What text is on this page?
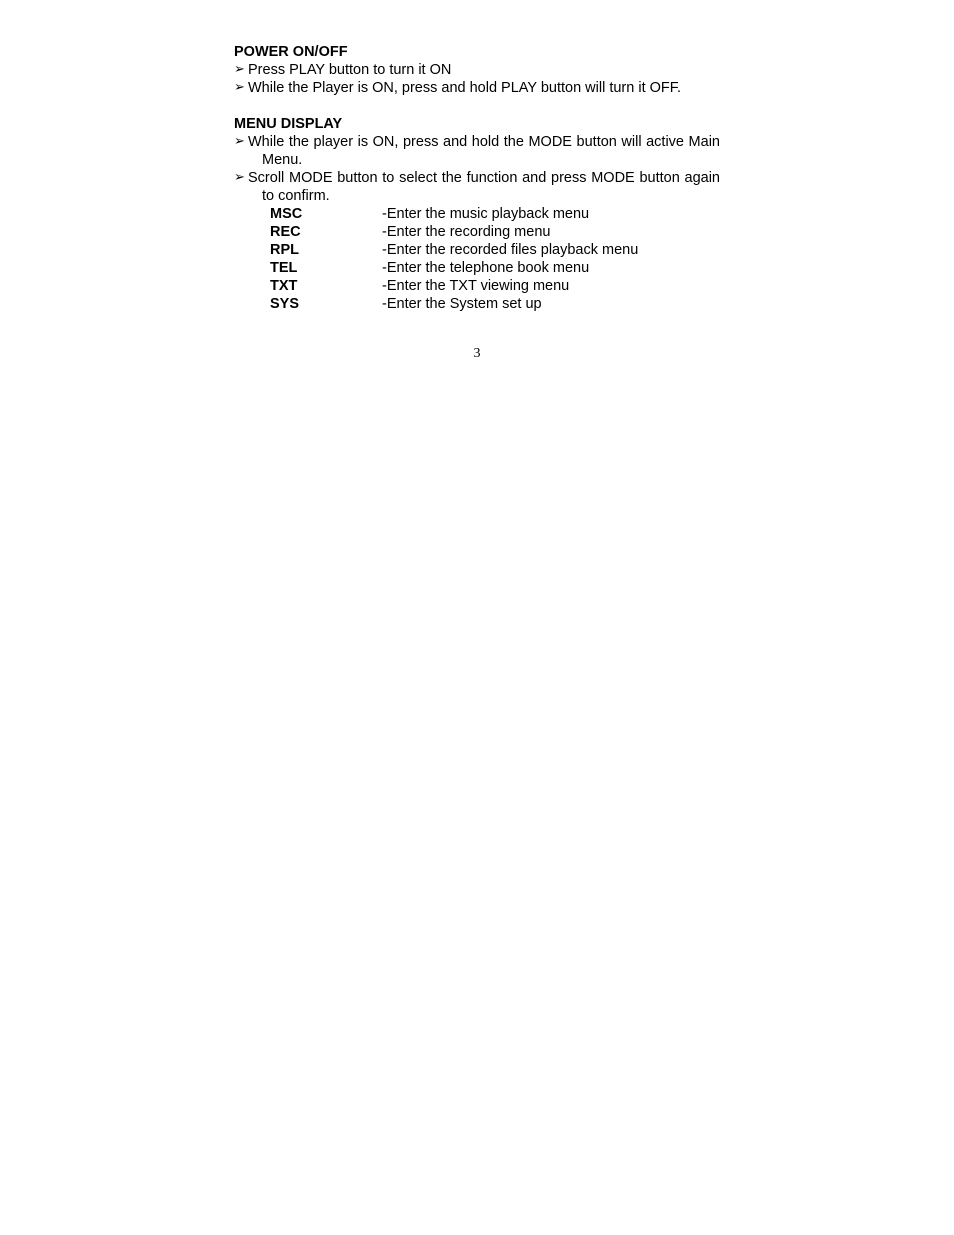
POWER ON/OFF
➢ Press PLAY button to turn it ON
➢ While the Player is ON, press and hold PLAY button will turn it OFF.
MENU DISPLAY
➢ While the player is ON, press and hold the MODE button will active Main Menu.
➢ Scroll MODE button to select the function and press MODE button again to confirm.
MSC	-Enter the music playback menu
REC	-Enter the recording menu
RPL	-Enter the recorded files playback menu
TEL	-Enter the telephone book menu
TXT	-Enter the TXT viewing menu
SYS	-Enter the System set up
3
